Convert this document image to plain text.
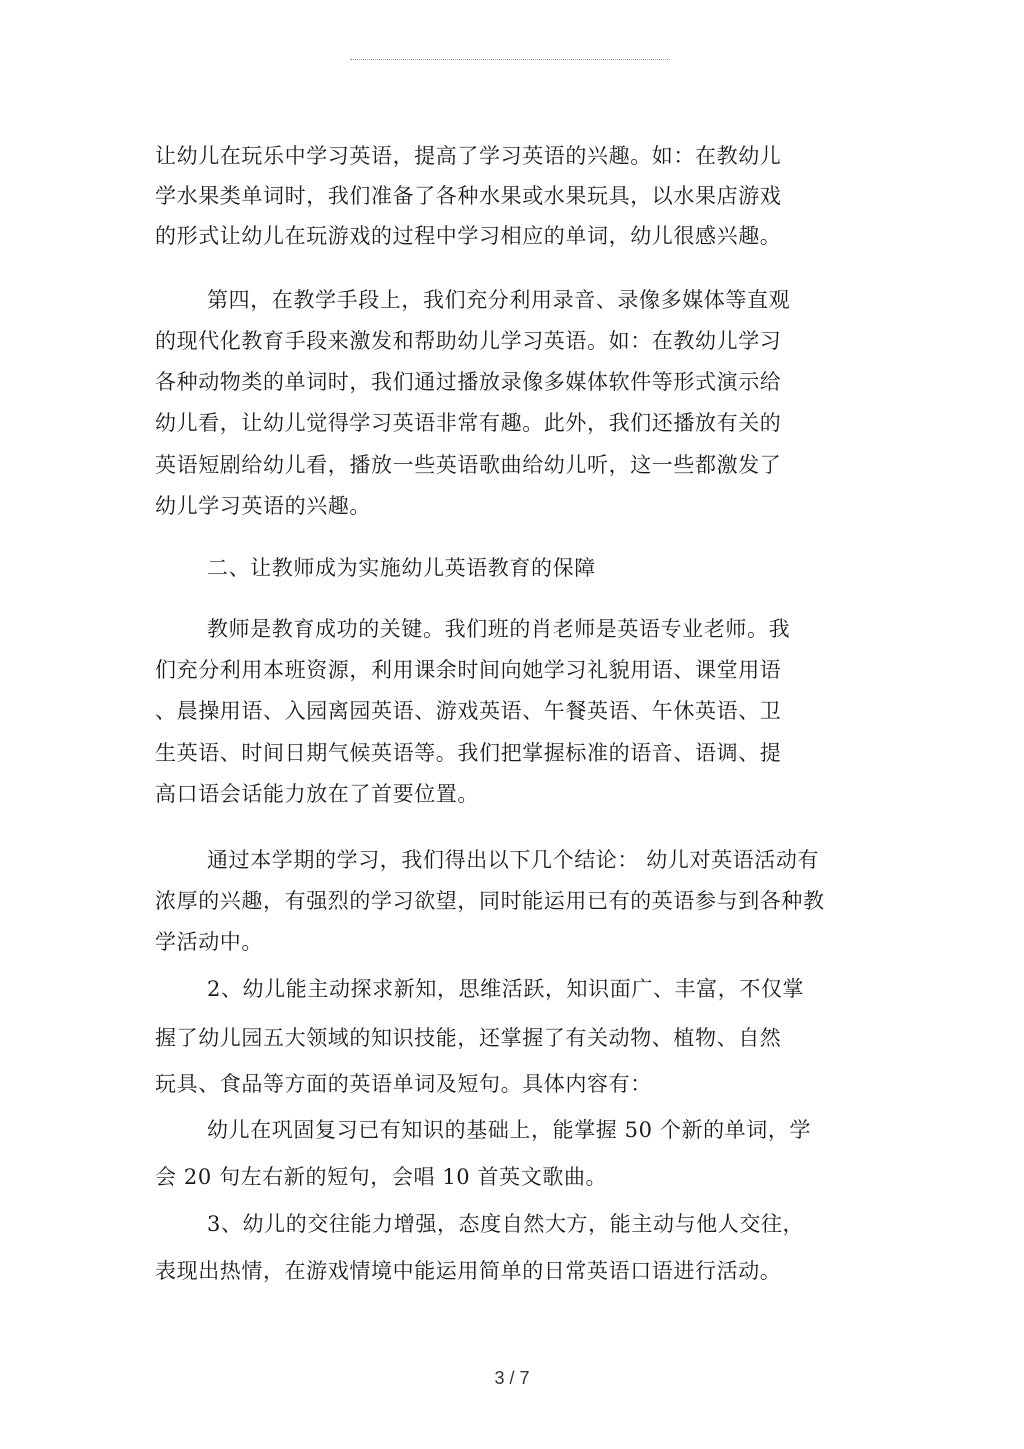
让幼儿在玩乐中学习英语，提高了学习英语的兴趣。如：在教幼儿
学水果类单词时，我们准备了各种水果或水果玩具，以水果店游戏
的形式让幼儿在玩游戏的过程中学习相应的单词，幼儿很感兴趣。
第四，在教学手段上，我们充分利用录音、录像多媒体等直观
的现代化教育手段来激发和帮助幼儿学习英语。如：在教幼儿学习
各种动物类的单词时，我们通过播放录像多媒体软件等形式演示给
幼儿看，让幼儿觉得学习英语非常有趣。此外，我们还播放有关的
英语短剧给幼儿看，播放一些英语歌曲给幼儿听，这一些都激发了
幼儿学习英语的兴趣。
二、让教师成为实施幼儿英语教育的保障
教师是教育成功的关键。我们班的肖老师是英语专业老师。我
们充分利用本班资源，利用课余时间向她学习礼貌用语、课堂用语
、晨操用语、入园离园英语、游戏英语、午餐英语、午休英语、卫
生英语、时间日期气候英语等。我们把掌握标准的语音、语调、提
高口语会话能力放在了首要位置。
通过本学期的学习，我们得出以下几个结论： 幼儿对英语活动有
浓厚的兴趣，有强烈的学习欲望，同时能运用已有的英语参与到各种教
学活动中。
2、幼儿能主动探求新知，思维活跃，知识面广、丰富，不仅掌
握了幼儿园五大领域的知识技能，还掌握了有关动物、植物、自然
玩具、食品等方面的英语单词及短句。具体内容有：
幼儿在巩固复习已有知识的基础上，能掌握 50 个新的单词，学
会 20 句左右新的短句，会唱 10 首英文歌曲。
3、幼儿的交往能力增强，态度自然大方，能主动与他人交往，
表现出热情，在游戏情境中能运用简单的日常英语口语进行活动。
3 / 7
